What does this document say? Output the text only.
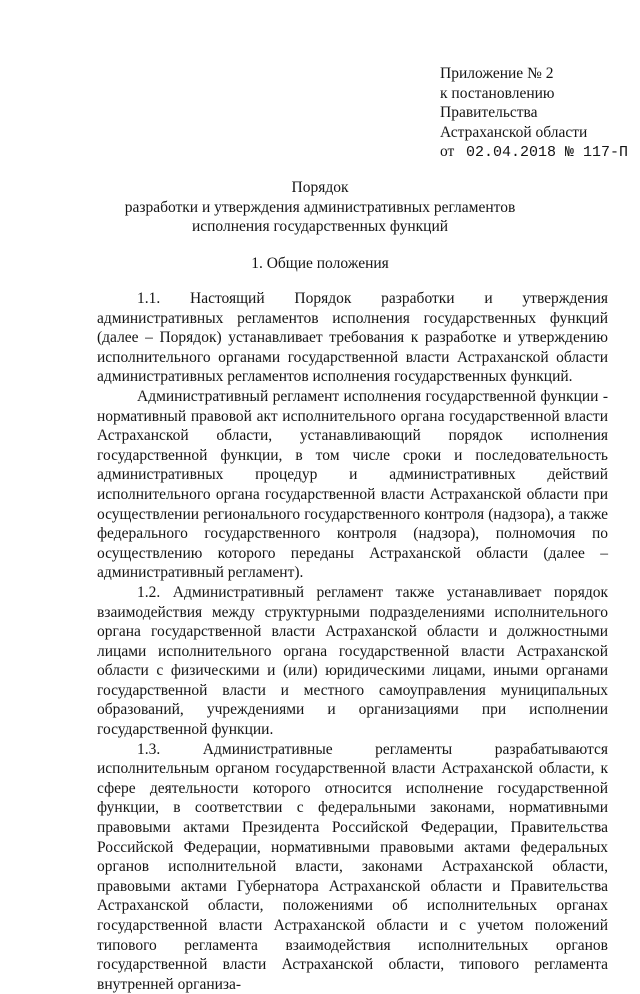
Приложение № 2
к постановлению
Правительства
Астраханской области
от 02.04.2018 № 117-П
Порядок
разработки и утверждения административных регламентов
исполнения государственных функций
1. Общие положения

1.1. Настоящий Порядок разработки и утверждения административных регламентов исполнения государственных функций (далее – Порядок) устанавливает требования к разработке и утверждению исполнительного органами государственной власти Астраханской области административных регламентов исполнения государственных функций.

Административный регламент исполнения государственной функции - нормативный правовой акт исполнительного органа государственной власти Астраханской области, устанавливающий порядок исполнения государственной функции, в том числе сроки и последовательность административных процедур и административных действий исполнительного органа государственной власти Астраханской области при осуществлении регионального государственного контроля (надзора), а также федерального государственного контроля (надзора), полномочия по осуществлению которого переданы Астраханской области (далее – административный регламент).

1.2. Административный регламент также устанавливает порядок взаимодействия между структурными подразделениями исполнительного органа государственной власти Астраханской области и должностными лицами исполнительного органа государственной власти Астраханской области с физическими и (или) юридическими лицами, иными органами государственной власти и местного самоуправления муниципальных образований, учреждениями и организациями при исполнении государственной функции.

1.3. Административные регламенты разрабатываются исполнительным органом государственной власти Астраханской области, к сфере деятельности которого относится исполнение государственной функции, в соответствии с федеральными законами, нормативными правовыми актами Президента Российской Федерации, Правительства Российской Федерации, нормативными правовыми актами федеральных органов исполнительной власти, законами Астраханской области, правовыми актами Губернатора Астраханской области и Правительства Астраханской области, положениями об исполнительных органах государственной власти Астраханской области и с учетом положений типового регламента взаимодействия исполнительных органов государственной власти Астраханской области, типового регламента внутренней организа-
